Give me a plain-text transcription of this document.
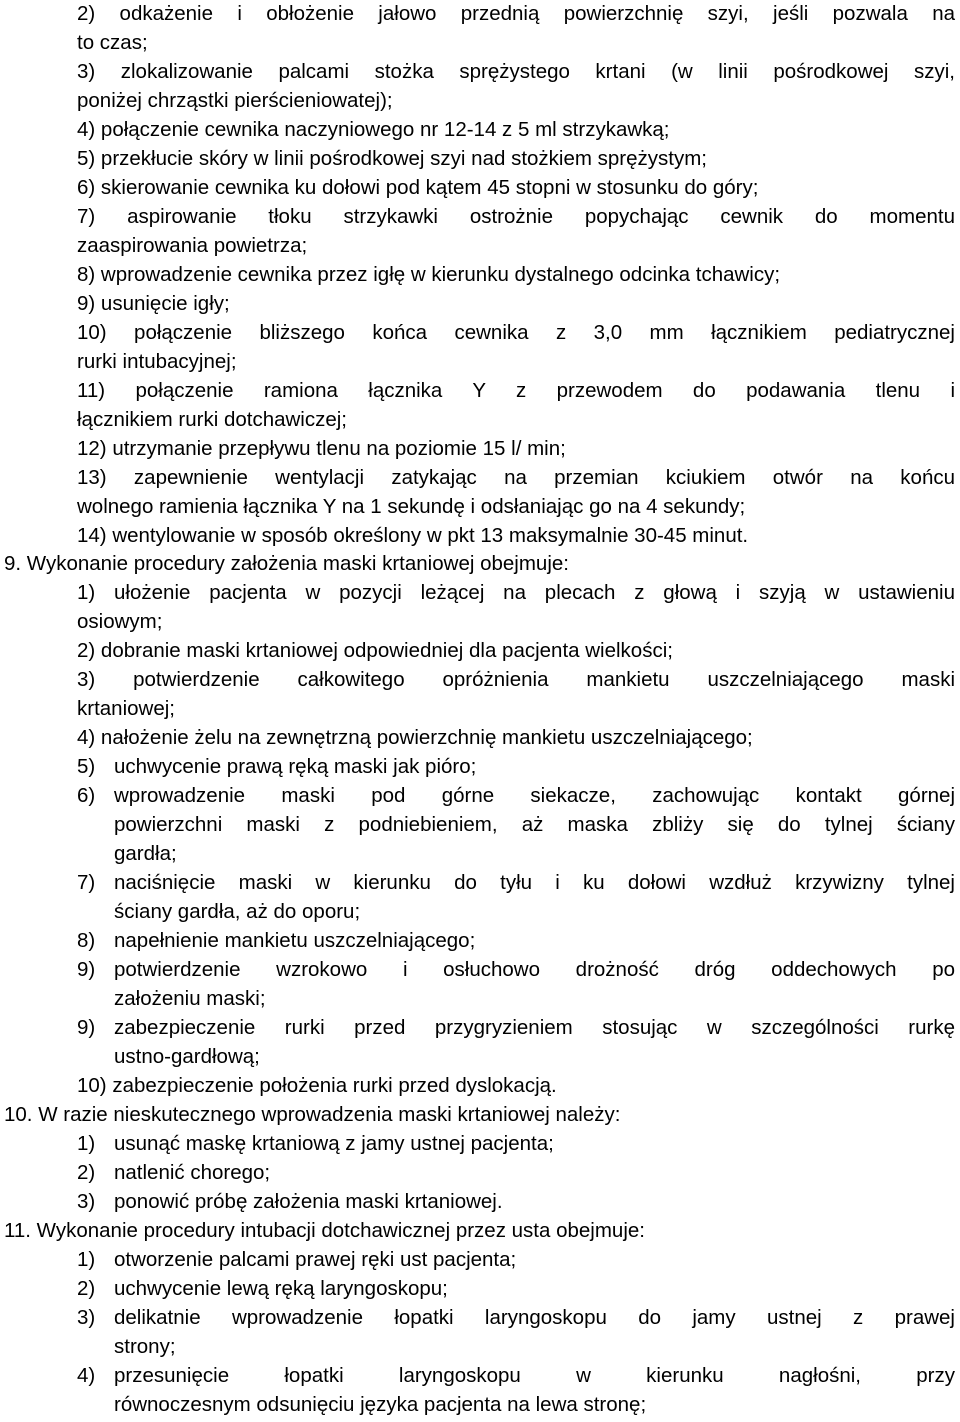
2) odkażenie i obłożenie jałowo przednią powierzchnię szyi, jeśli pozwala na

to czas;

3) zlokalizowanie palcami stożka sprężystego krtani (w linii pośrodkowej szyi,

poniżej chrząstki pierścieniowatej);

4) połączenie cewnika naczyniowego nr 12-14 z 5 ml strzykawką;

5) przekłucie skóry w linii pośrodkowej szyi nad stożkiem sprężystym;

6) skierowanie cewnika ku dołowi pod kątem 45 stopni w stosunku do góry;

7) aspirowanie tłoku strzykawki ostrożnie popychając cewnik do momentu

zaaspirowania powietrza;

8) wprowadzenie cewnika przez igłę w kierunku dystalnego odcinka tchawicy;

9) usunięcie igły;

10) połączenie bliższego końca cewnika z 3,0 mm łącznikiem pediatrycznej

rurki intubacyjnej;

11) połączenie ramiona łącznika Y z przewodem do podawania tlenu i

łącznikiem rurki dotchawiczej;

12) utrzymanie przepływu tlenu na poziomie 15 l/ min;

13) zapewnienie wentylacji zatykając na przemian kciukiem otwór na końcu

wolnego ramienia łącznika Y na 1 sekundę i odsłaniając go na 4 sekundy;

14) wentylowanie w sposób określony w pkt 13 maksymalnie 30-45 minut.

9. Wykonanie procedury założenia maski krtaniowej obejmuje:

1) ułożenie pacjenta w pozycji leżącej na plecach z głową i szyją w ustawieniu

osiowym;

2) dobranie maski krtaniowej odpowiedniej dla pacjenta wielkości;

3) potwierdzenie całkowitego opróżnienia mankietu uszczelniającego maski

krtaniowej;

4) nałożenie żelu na zewnętrzną powierzchnię mankietu uszczelniającego;

5) uchwycenie prawą ręką maski jak pióro;

6) wprowadzenie maski pod górne siekacze, zachowując kontakt górnej

powierzchni maski z podniebieniem, aż maska zbliży się do tylnej ściany

gardła;

7) naciśnięcie maski w kierunku do tyłu i ku dołowi wzdłuż krzywizny tylnej

ściany gardła, aż do oporu;

8) napełnienie mankietu uszczelniającego;

9) potwierdzenie wzrokowo i osłuchowo drożność dróg oddechowych po

założeniu maski;

9) zabezpieczenie rurki przed przygryzieniem stosując w szczególności rurkę

ustno-gardłową;

10) zabezpieczenie położenia rurki przed dyslokacją.

10. W razie nieskutecznego wprowadzenia maski krtaniowej należy:

1) usunąć maskę krtaniową z jamy ustnej pacjenta;

2) natlenić chorego;

3) ponowić próbę założenia maski krtaniowej.

11. Wykonanie procedury intubacji dotchawicznej przez usta obejmuje:

1) otworzenie palcami prawej ręki ust pacjenta;

2) uchwycenie lewą ręką laryngoskopu;

3) delikatnie wprowadzenie łopatki laryngoskopu do jamy ustnej z prawej

strony;

4) przesunięcie łopatki laryngoskopu w kierunku nagłośni, przy

równoczesnym odsunięciu języka pacjenta na lewa stronę;
